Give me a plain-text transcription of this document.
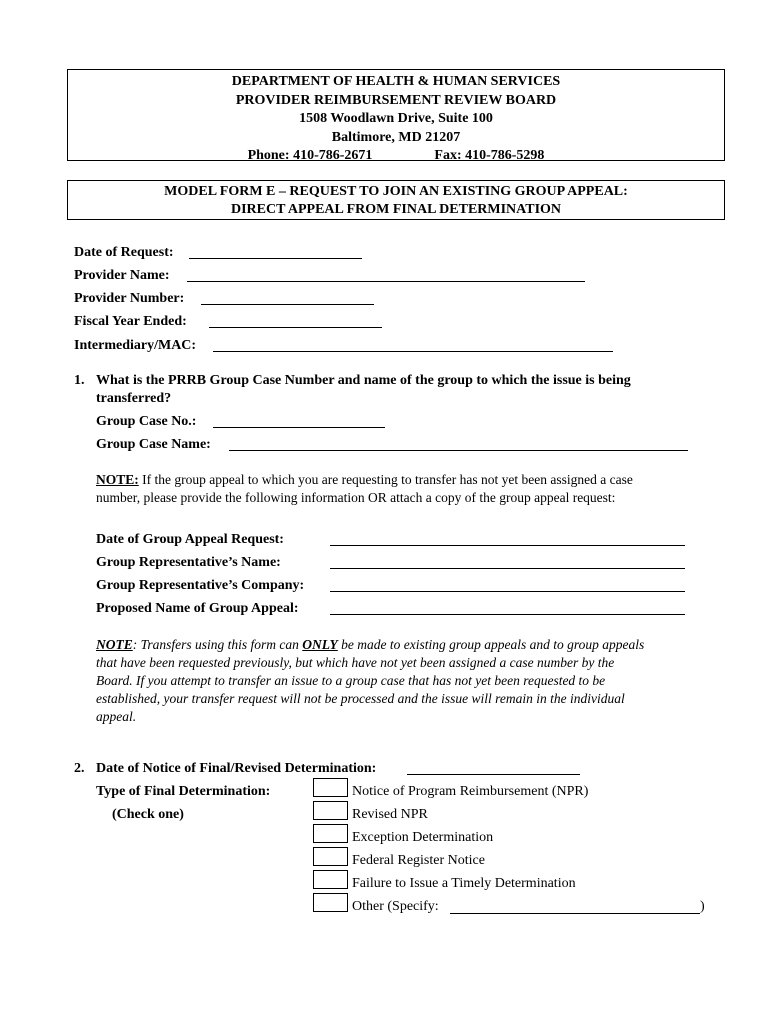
DEPARTMENT OF HEALTH & HUMAN SERVICES
PROVIDER REIMBURSEMENT REVIEW BOARD
1508 Woodlawn Drive, Suite 100
Baltimore, MD 21207
Phone: 410-786-2671	Fax: 410-786-5298
MODEL FORM E – REQUEST TO JOIN AN EXISTING GROUP APPEAL:
DIRECT APPEAL FROM FINAL DETERMINATION
Date of Request:
Provider Name:
Provider Number:
Fiscal Year Ended:
Intermediary/MAC:
1. What is the PRRB Group Case Number and name of the group to which the issue is being
transferred?
Group Case No.:
Group Case Name:
NOTE: If the group appeal to which you are requesting to transfer has not yet been assigned a case
number, please provide the following information OR attach a copy of the group appeal request:
Date of Group Appeal Request:
Group Representative’s Name:
Group Representative’s Company:
Proposed Name of Group Appeal:
NOTE: Transfers using this form can ONLY be made to existing group appeals and to group appeals
that have been requested previously, but which have not yet been assigned a case number by the
Board. If you attempt to transfer an issue to a group case that has not yet been requested to be
established, your transfer request will not be processed and the issue will remain in the individual
appeal.
2. Date of Notice of Final/Revised Determination:
Type of Final Determination:
(Check one)
Notice of Program Reimbursement (NPR)
Revised NPR
Exception Determination
Federal Register Notice
Failure to Issue a Timely Determination
Other (Specify:	)
